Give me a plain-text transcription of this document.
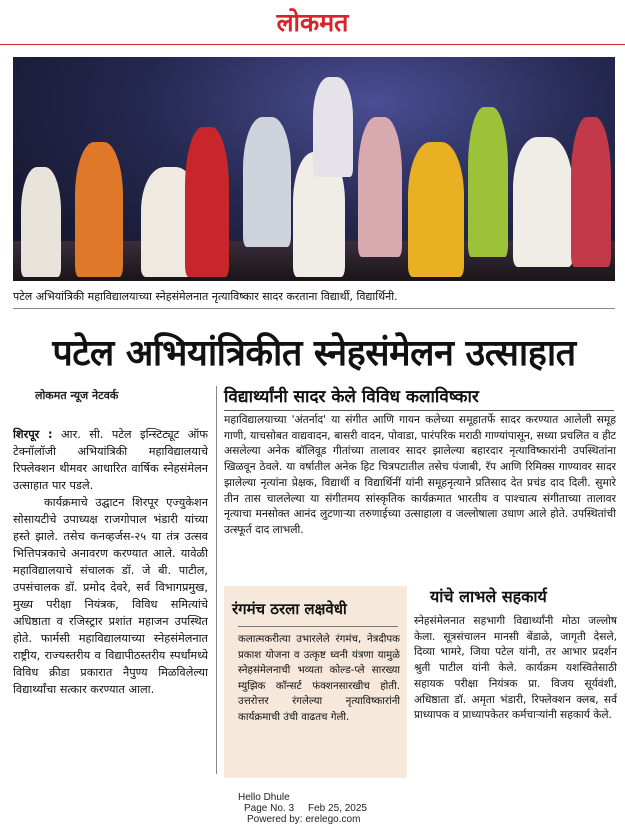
लोकमत
पटेल अभियांत्रिकी महाविद्यालयाच्या स्नेहसंमेलनात नृत्याविष्कार सादर करताना विद्यार्थी, विद्यार्थिनी.
पटेल अभियांत्रिकीत स्नेहसंमेलन उत्साहात
लोकमत न्यूज नेटवर्क	विद्यार्थ्यांनी सादर केले विविध कलाविष्कार

शिरपूर : आर. सी. पटेल इन्स्टिट्यूट ऑफ टेक्नॉलॉजी अभियांत्रिकी महाविद्यालयाचे रिफ्लेक्शन थीमवर आधारित वार्षिक स्नेहसंमेलन उत्साहात पार पडले.

कार्यक्रमाचे उद्घाटन शिरपूर एज्युकेशन सोसायटीचे उपाध्यक्ष राजगोपाल भंडारी यांच्या हस्ते झाले. तसेच कनव्हर्जस-२५ या तंत्र उत्सव भित्तिपत्रकाचे अनावरण करण्यात आले. यावेळी महाविद्यालयाचे संचालक डॉ. जे बी. पाटील, उपसंचालक डॉ. प्रमोद देवरे, सर्व विभागप्रमुख, मुख्य परीक्षा नियंत्रक, विविध समित्यांचे अधिष्ठाता व रजिस्ट्रार प्रशांत महाजन उपस्थित होते. फार्मसी महाविद्यालयाच्या स्नेहसंमेलनात राष्ट्रीय, राज्यस्तरीय व विद्यापीठस्तरीय स्पर्धांमध्ये विविध क्रीडा प्रकारात नैपुण्य मिळविलेल्या विद्यार्थ्यांचा सत्कार करण्यात आला.

महाविद्यालयाच्या 'अंतर्नाद' या संगीत आणि गायन कलेच्या समूहातर्फे सादर करण्यात आलेली समूह गाणी, याचसोबत वाद्यवादन, बासरी वादन, पोवाडा, पारंपरिक मराठी गाण्यांपासून, सध्या प्रचलित व हीट असलेल्या अनेक बॉलिवूड गीतांच्या तालावर सादर झालेल्या बहारदार नृत्याविष्कारांनी उपस्थितांना खिळवून ठेवले. या वर्षातील अनेक हिट चित्रपटातील तसेच पंजाबी, रॅप आणि रिमिक्स गाण्यावर सादर झालेल्या नृत्यांना प्रेक्षक, विद्यार्थी व विद्यार्थिनीं यांनी समूहनृत्याने प्रतिसाद देत प्रचंड दाद दिली. सुमारे तीन तास चाललेल्या या संगीतमय सांस्कृतिक कार्यक्रमात भारतीय व पाश्चात्य संगीताच्या तालावर नृत्याचा मनसोक्त आनंद लुटणाऱ्या तरुणाईच्या उत्साहाला व जल्लोषाला उधाण आले होते. उपस्थितांची उत्स्फूर्त दाद लाभली.

रंगमंच ठरला लक्षवेधी

कलात्मकरीत्या उभारलेले रंगमंच, नेत्रदीपक प्रकाश योजना व उत्कृष्ट ध्वनी यंत्रणा यामुळे स्नेहसंमेलनाची भव्यता कोल्ड-प्ले सारख्या म्युझिक कॉन्सर्ट फंक्शनसारखीच होती. उत्तरोत्तर रंगलेल्या नृत्याविष्कारांनी कार्यक्रमाची उंची वाढतच गेली.

यांचे लाभले सहकार्य

स्नेहसंमेलनात सहभागी विद्यार्थ्यांनी मोठा जल्लोष केला. सूत्रसंचालन मानसी बेंडाळे, जागृती देसले, दिव्या भामरे, जिया पटेल यांनी, तर आभार प्रदर्शन श्रुती पाटील यांनी केले. कार्यक्रम यशस्वितेसाठी सहायक परीक्षा नियंत्रक प्रा. विजय सूर्यवंशी, अधिष्ठाता डॉ. अमृता भंडारी, रिफ्लेक्शन क्लब, सर्व प्राध्यापक व प्राध्यापकेतर कर्मचाऱ्यांनी सहकार्य केले.

Hello Dhule
Page No. 3 Feb 25, 2025
Powered by: erelego.com
